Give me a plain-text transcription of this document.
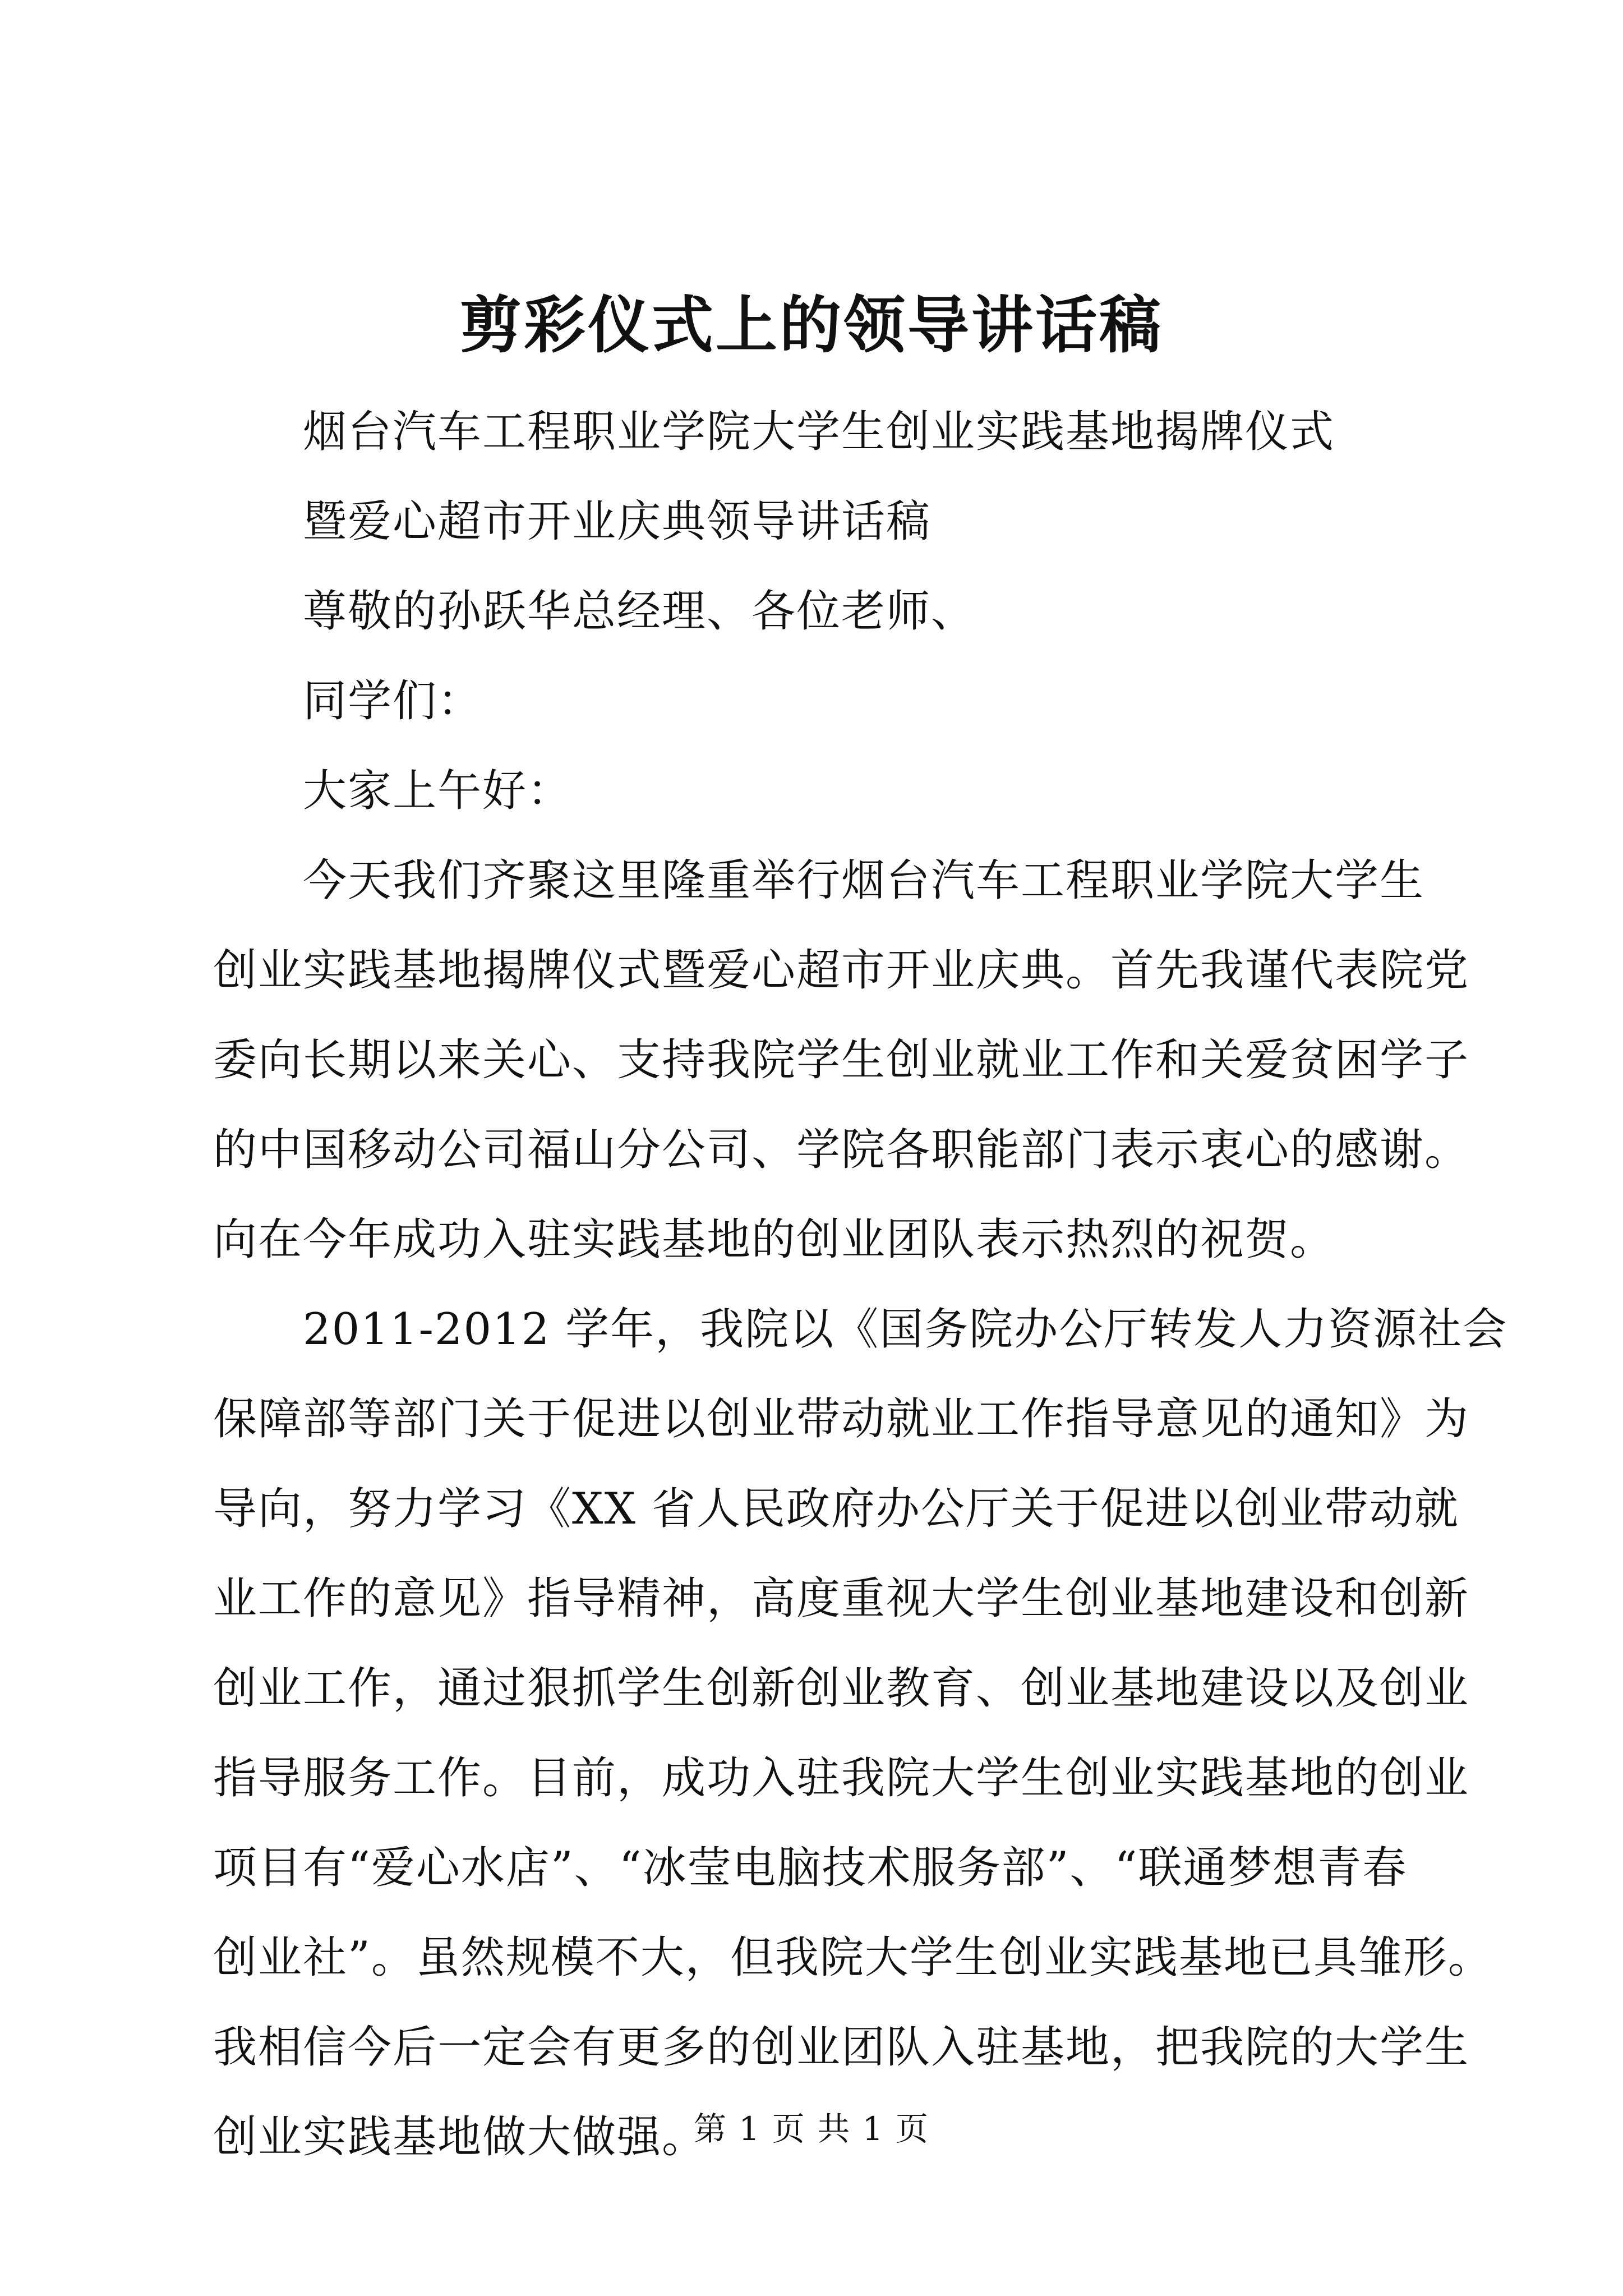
剪彩仪式上的领导讲话稿
烟台汽车工程职业学院大学生创业实践基地揭牌仪式
暨爱心超市开业庆典领导讲话稿
尊敬的孙跃华总经理、各位老师、
同学们：
大家上午好：
今天我们齐聚这里隆重举行烟台汽车工程职业学院大学生
创业实践基地揭牌仪式暨爱心超市开业庆典。首先我谨代表院党
委向长期以来关心、支持我院学生创业就业工作和关爱贫困学子
的中国移动公司福山分公司、学院各职能部门表示衷心的感谢。
向在今年成功入驻实践基地的创业团队表示热烈的祝贺。
2011-2012 学年，我院以《国务院办公厅转发人力资源社会
保障部等部门关于促进以创业带动就业工作指导意见的通知》为
导向，努力学习《XX 省人民政府办公厅关于促进以创业带动就
业工作的意见》指导精神，高度重视大学生创业基地建设和创新
创业工作，通过狠抓学生创新创业教育、创业基地建设以及创业
指导服务工作。目前，成功入驻我院大学生创业实践基地的创业
项目有“爱心水店”、“冰莹电脑技术服务部”、“联通梦想青春
创业社”。虽然规模不大，但我院大学生创业实践基地已具雏形。
我相信今后一定会有更多的创业团队入驻基地，把我院的大学生
创业实践基地做大做强。
第 1 页 共 1 页
